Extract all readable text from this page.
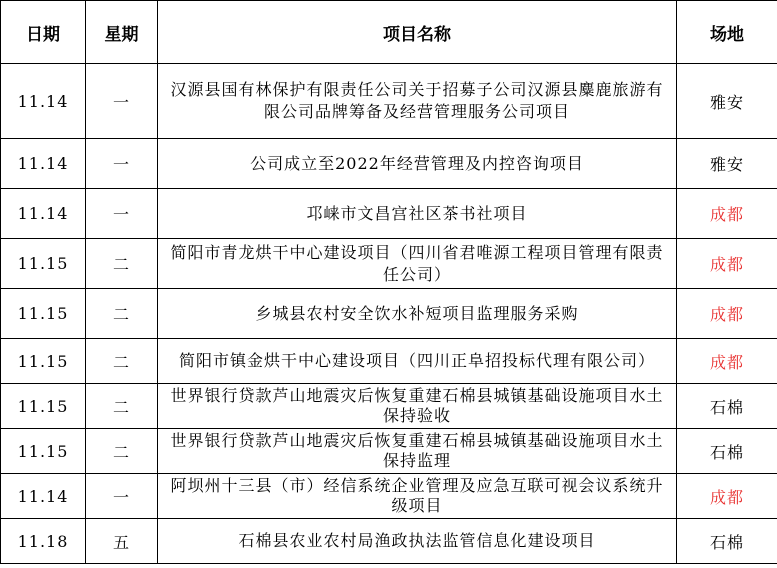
日期	星期	项目名称	场地
11.14	一	汉源县国有林保护有限责任公司关于招募子公司汉源县麋鹿旅游有限公司品牌筹备及经营管理服务公司项目	雅安
11.14	一	公司成立至2022年经营管理及内控咨询项目	雅安
11.14	一	邛崃市文昌宫社区茶书社项目	成都
11.15	二	简阳市青龙烘干中心建设项目（四川省君唯源工程项目管理有限责任公司）	成都
11.15	二	乡城县农村安全饮水补短项目监理服务采购	成都
11.15	二	简阳市镇金烘干中心建设项目（四川正阜招投标代理有限公司）	成都
11.15	二	世界银行贷款芦山地震灾后恢复重建石棉县城镇基础设施项目水土保持验收	石棉
11.15	二	世界银行贷款芦山地震灾后恢复重建石棉县城镇基础设施项目水土保持监理	石棉
11.14	一	阿坝州十三县（市）经信系统企业管理及应急互联可视会议系统升级项目	成都
11.18	五	石棉县农业农村局渔政执法监管信息化建设项目	石棉
